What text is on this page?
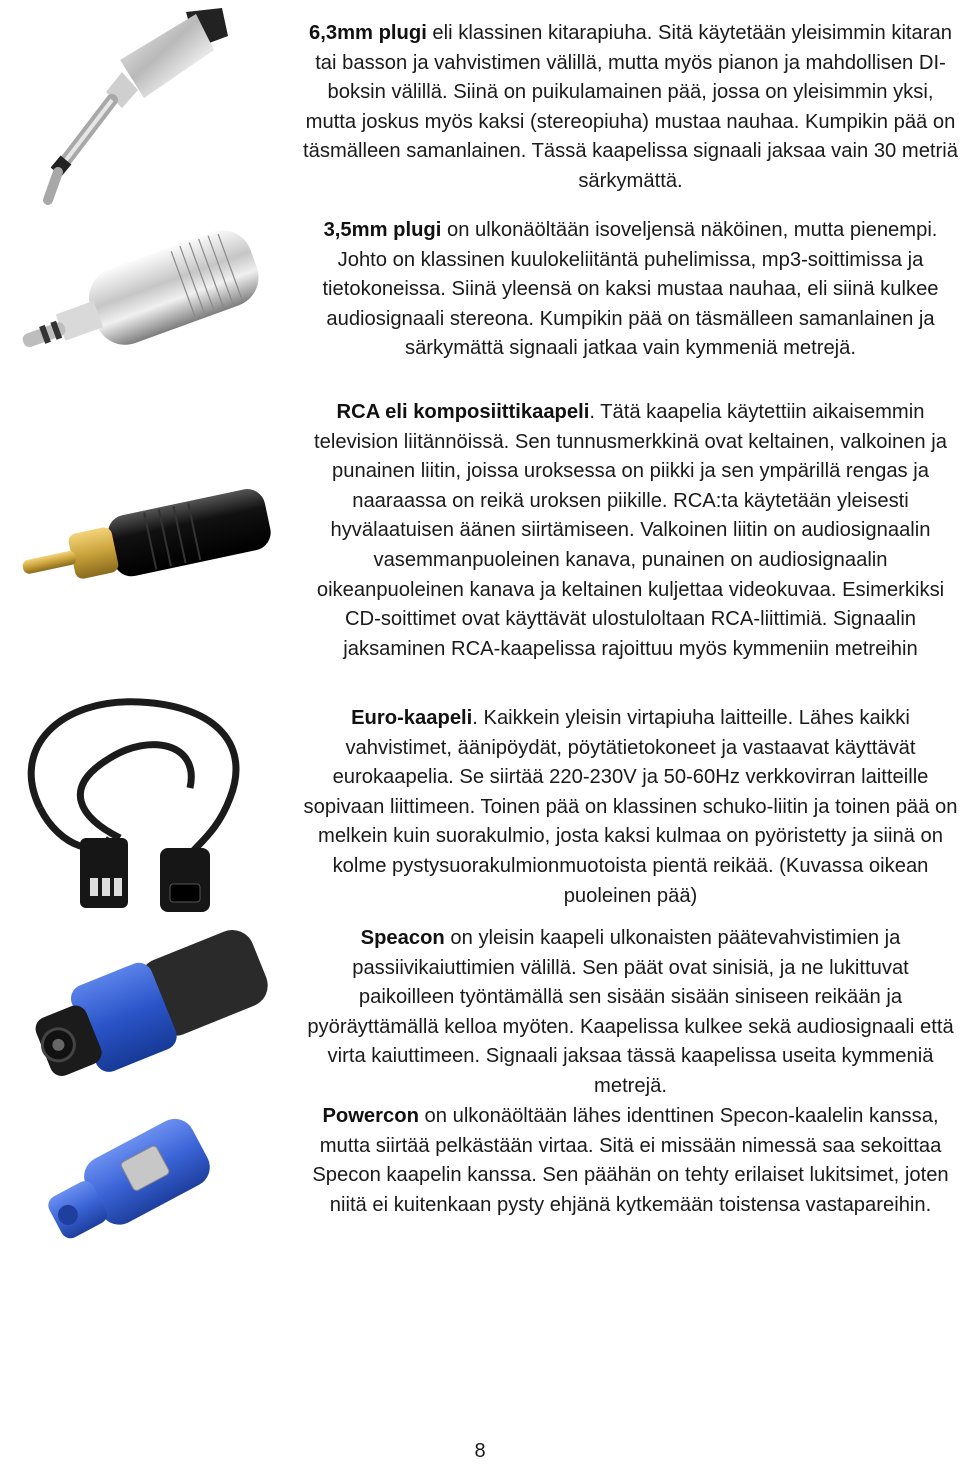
6,3mm plugi eli klassinen kitarapiuha. Sitä käytetään yleisimmin kitaran tai basson ja vahvistimen välillä, mutta myös pianon ja mahdollisen DI-boksin välillä. Siinä on puikulamainen pää, jossa on yleisimmin yksi, mutta joskus myös kaksi (stereopiuha) mustaa nauhaa. Kumpikin pää on täsmälleen samanlainen. Tässä kaapelissa signaali jaksaa vain 30 metriä särkymättä.

3,5mm plugi on ulkonäöltään isoveljensä näköinen, mutta pienempi. Johto on klassinen kuulokeliitäntä puhelimissa, mp3-soittimissa ja tietokoneissa. Siinä yleensä on kaksi mustaa nauhaa, eli siinä kulkee audiosignaali stereona. Kumpikin pää on täsmälleen samanlainen ja särkymättä signaali jatkaa vain kymmeniä metrejä.

RCA eli komposiittikaapeli. Tätä kaapelia käytettiin aikaisemmin television liitännöissä. Sen tunnusmerkkinä ovat keltainen, valkoinen ja punainen liitin, joissa uroksessa on piikki ja sen ympärillä rengas ja naaraassa on reikä uroksen piikille. RCA:ta käytetään yleisesti hyvälaatuisen äänen siirtämiseen. Valkoinen liitin on audiosignaalin vasemmanpuoleinen kanava, punainen on audiosignaalin oikeanpuoleinen kanava ja keltainen kuljettaa videokuvaa. Esimerkiksi CD-soittimet ovat käyttävät ulostuloltaan RCA-liittimiä. Signaalin jaksaminen RCA-kaapelissa rajoittuu myös kymmeniin metreihin

Euro-kaapeli. Kaikkein yleisin virtapiuha laitteille. Lähes kaikki vahvistimet, äänipöydät, pöytätietokoneet ja vastaavat käyttävät eurokaapelia. Se siirtää 220-230V ja 50-60Hz verkkovirran laitteille sopivaan liittimeen. Toinen pää on klassinen schuko-liitin ja toinen pää on melkein kuin suorakulmio, josta kaksi kulmaa on pyöristetty ja siinä on kolme pystysuorakulmionmuotoista pientä reikää. (Kuvassa oikean puoleinen pää)

Speacon on yleisin kaapeli ulkonaisten päätevahvistimien ja passiivikaiuttimien välillä. Sen päät ovat sinisiä, ja ne lukittuvat paikoilleen työntämällä sen sisään sisään siniseen reikään ja pyöräyttämällä kelloa myöten. Kaapelissa kulkee sekä audiosignaali että virta kaiuttimeen. Signaali jaksaa tässä kaapelissa useita kymmeniä metrejä.

Powercon on ulkonäöltään lähes identtinen Specon-kaalelin kanssa, mutta siirtää pelkästään virtaa. Sitä ei missään nimessä saa sekoittaa Specon kaapelin kanssa. Sen päähän on tehty erilaiset lukitsimet, joten niitä ei kuitenkaan pysty ehjänä kytkemään toistensa vastapareihin.

8
